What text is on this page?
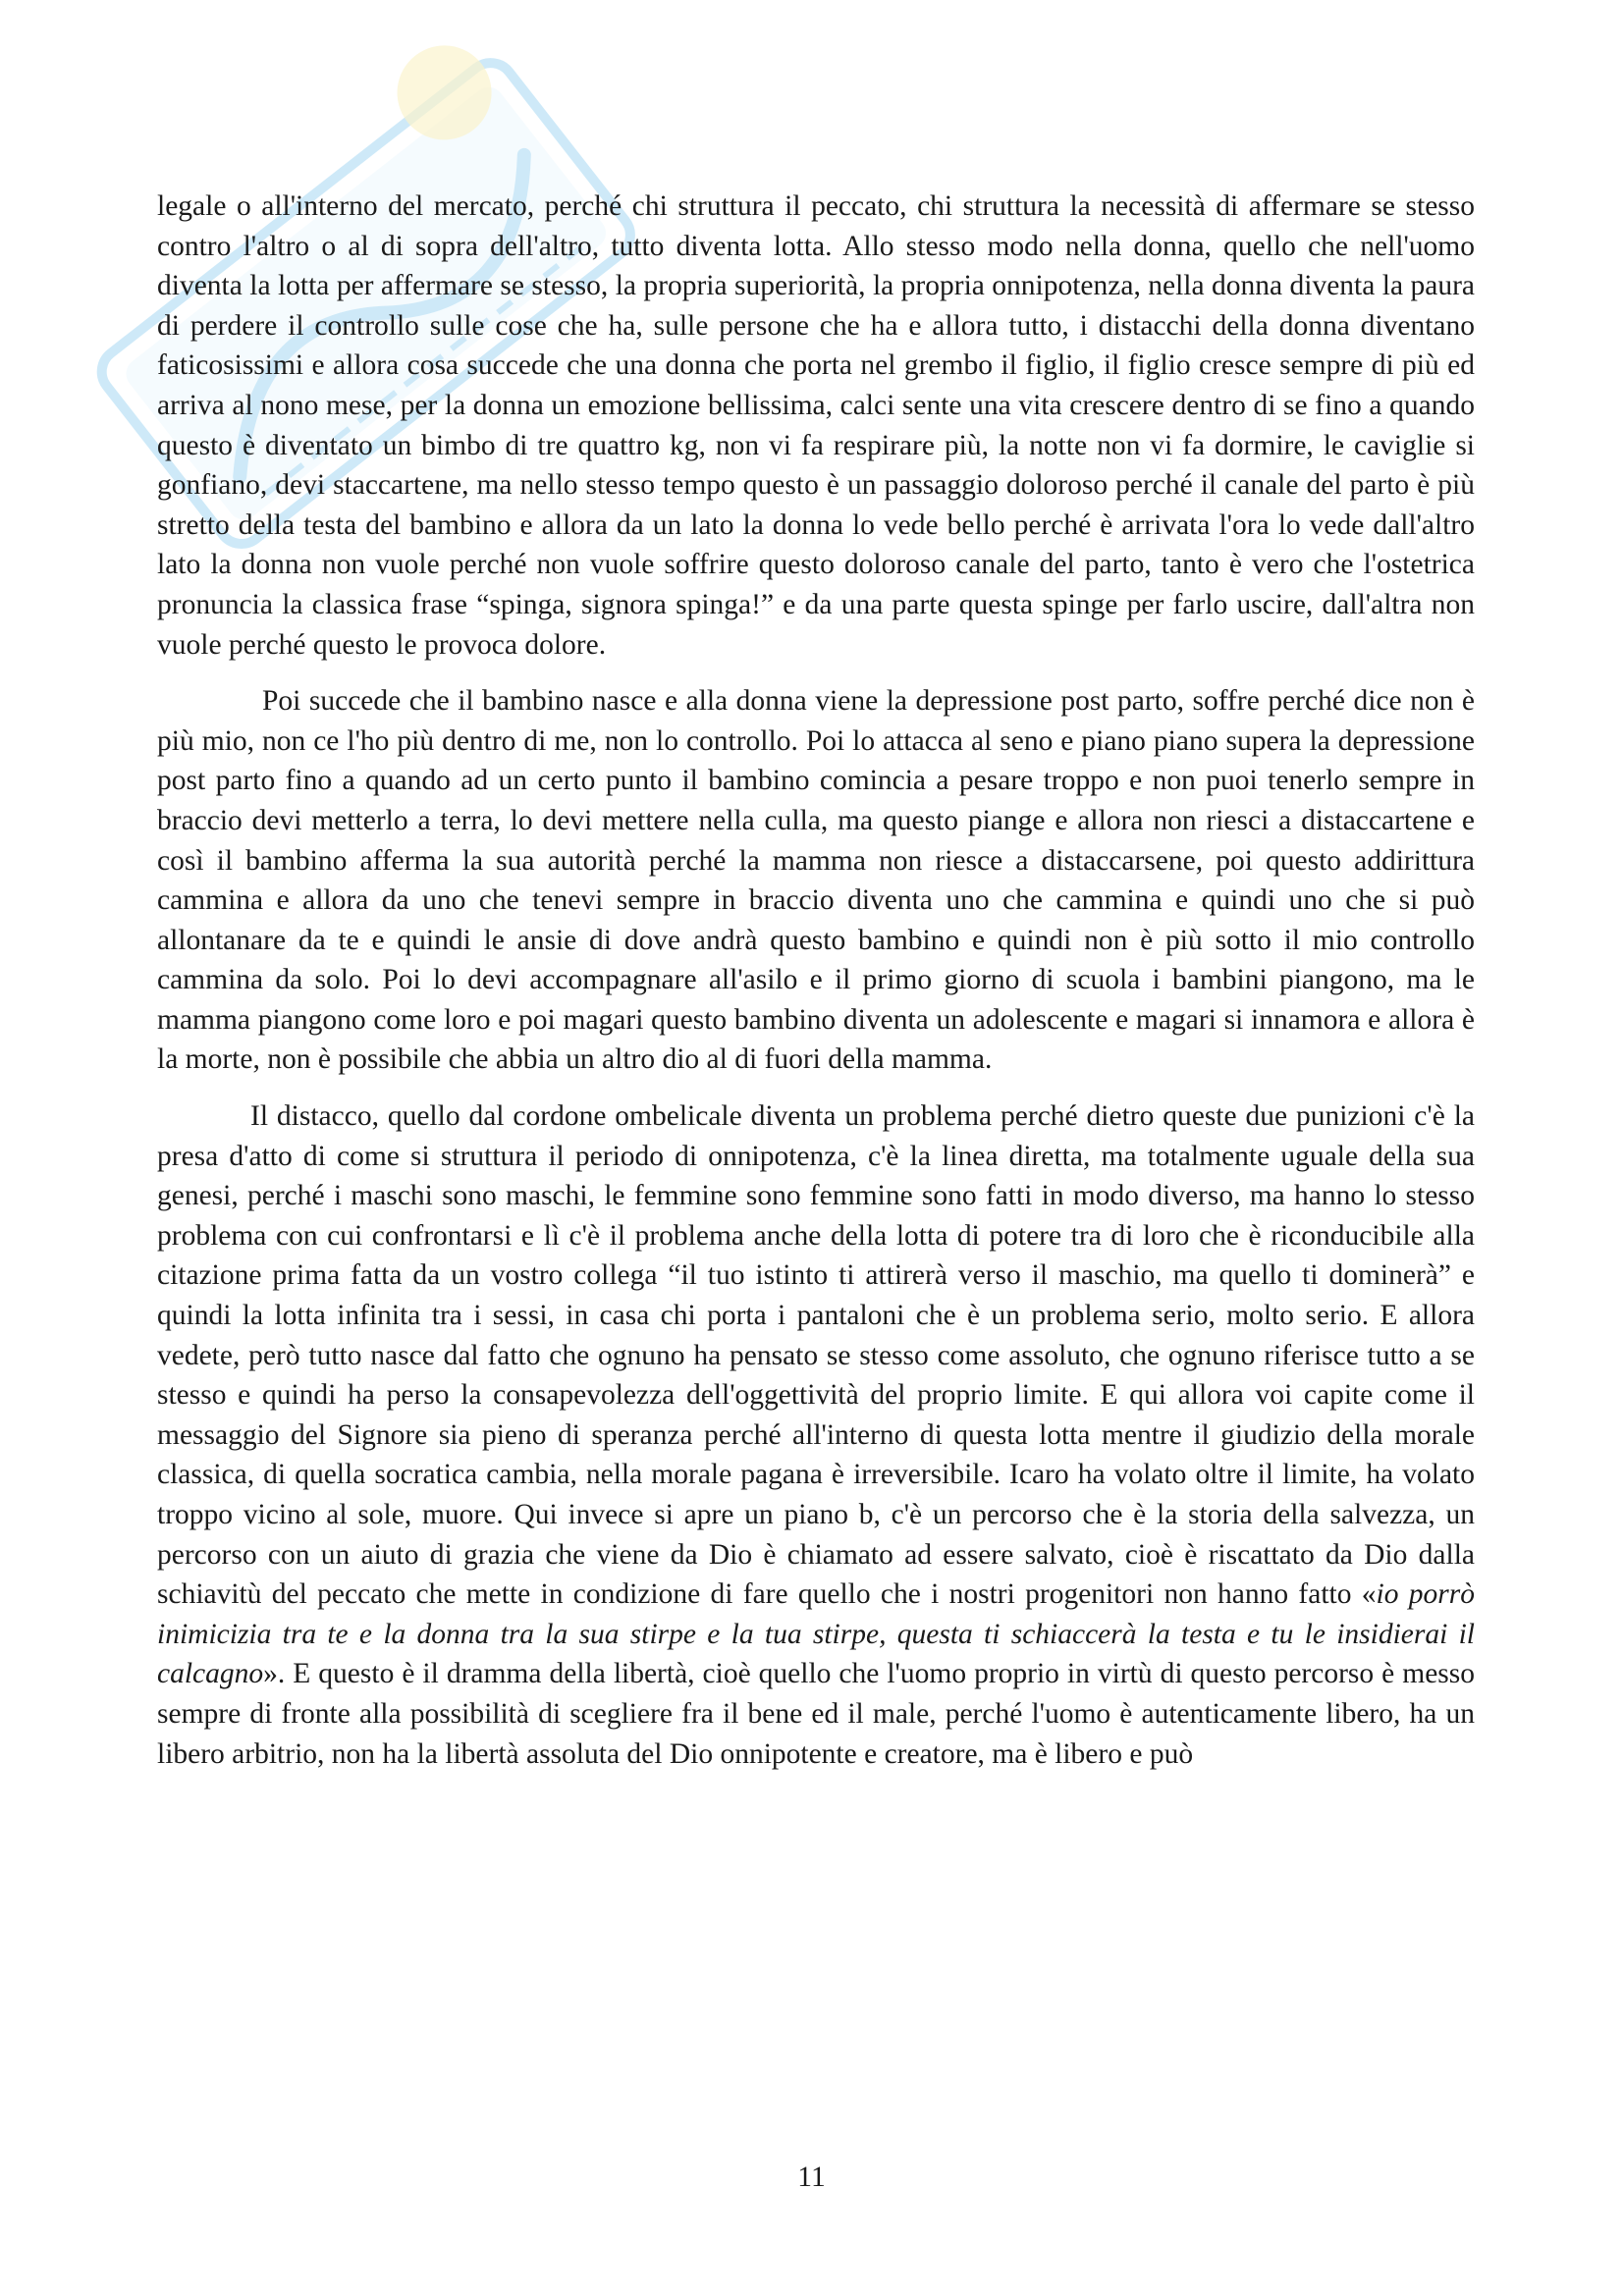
legale o all'interno del mercato, perché chi struttura il peccato, chi struttura la necessità di affermare se stesso contro l'altro o al di sopra dell'altro, tutto diventa lotta. Allo stesso modo nella donna, quello che nell'uomo diventa la lotta per affermare se stesso, la propria superiorità, la propria onnipotenza, nella donna diventa la paura di perdere il controllo sulle cose che ha, sulle persone che ha e allora tutto, i distacchi della donna diventano faticosissimi e allora cosa succede che una donna che porta nel grembo il figlio, il figlio cresce sempre di più ed arriva al nono mese, per la donna un emozione bellissima, calci sente una vita crescere dentro di se fino a quando questo è diventato un bimbo di tre quattro kg, non vi fa respirare più, la notte non vi fa dormire, le caviglie si gonfiano, devi staccartene, ma nello stesso tempo questo è un passaggio doloroso perché il canale del parto è più stretto della testa del bambino e allora da un lato la donna lo vede bello perché è arrivata l'ora lo vede dall'altro lato la donna non vuole perché non vuole soffrire questo doloroso canale del parto, tanto è vero che l'ostetrica pronuncia la classica frase “spinga, signora spinga!” e da una parte questa spinge per farlo uscire, dall'altra non vuole perché questo le provoca dolore.

Poi succede che il bambino nasce e alla donna viene la depressione post parto, soffre perché dice non è più mio, non ce l'ho più dentro di me, non lo controllo. Poi lo attacca al seno e piano piano supera la depressione post parto fino a quando ad un certo punto il bambino comincia a pesare troppo e non puoi tenerlo sempre in braccio devi metterlo a terra, lo devi mettere nella culla, ma questo piange e allora non riesci a distaccartene e così il bambino afferma la sua autorità perché la mamma non riesce a distaccarsene, poi questo addirittura cammina e allora da uno che tenevi sempre in braccio diventa uno che cammina e quindi uno che si può allontanare da te e quindi le ansie di dove andrà questo bambino e quindi non è più sotto il mio controllo cammina da solo. Poi lo devi accompagnare all'asilo e il primo giorno di scuola i bambini piangono, ma le mamma piangono come loro e poi magari questo bambino diventa un adolescente e magari si innamora e allora è la morte, non è possibile che abbia un altro dio al di fuori della mamma.

Il distacco, quello dal cordone ombelicale diventa un problema perché dietro queste due punizioni c'è la presa d'atto di come si struttura il periodo di onnipotenza, c'è la linea diretta, ma totalmente uguale della sua genesi, perché i maschi sono maschi, le femmine sono femmine sono fatti in modo diverso, ma hanno lo stesso problema con cui confrontarsi e lì c'è il problema anche della lotta di potere tra di loro che è riconducibile alla citazione prima fatta da un vostro collega “il tuo istinto ti attirerà verso il maschio, ma quello ti dominerà” e quindi la lotta infinita tra i sessi, in casa chi porta i pantaloni che è un problema serio, molto serio. E allora vedete, però tutto nasce dal fatto che ognuno ha pensato se stesso come assoluto, che ognuno riferisce tutto a se stesso e quindi ha perso la consapevolezza dell'oggettività del proprio limite. E qui allora voi capite come il messaggio del Signore sia pieno di speranza perché all'interno di questa lotta mentre il giudizio della morale classica, di quella socratica cambia, nella morale pagana è irreversibile. Icaro ha volato oltre il limite, ha volato troppo vicino al sole, muore. Qui invece si apre un piano b, c'è un percorso che è la storia della salvezza, un percorso con un aiuto di grazia che viene da Dio è chiamato ad essere salvato, cioè è riscattato da Dio dalla schiavitù del peccato che mette in condizione di fare quello che i nostri progenitori non hanno fatto «io porrò inimicizia tra te e la donna tra la sua stirpe e la tua stirpe, questa ti schiaccerà la testa e tu le insidierai il calcagno». E questo è il dramma della libertà, cioè quello che l'uomo proprio in virtù di questo percorso è messo sempre di fronte alla possibilità di scegliere fra il bene ed il male, perché l'uomo è autenticamente libero, ha un libero arbitrio, non ha la libertà assoluta del Dio onnipotente e creatore, ma è libero e può

11
